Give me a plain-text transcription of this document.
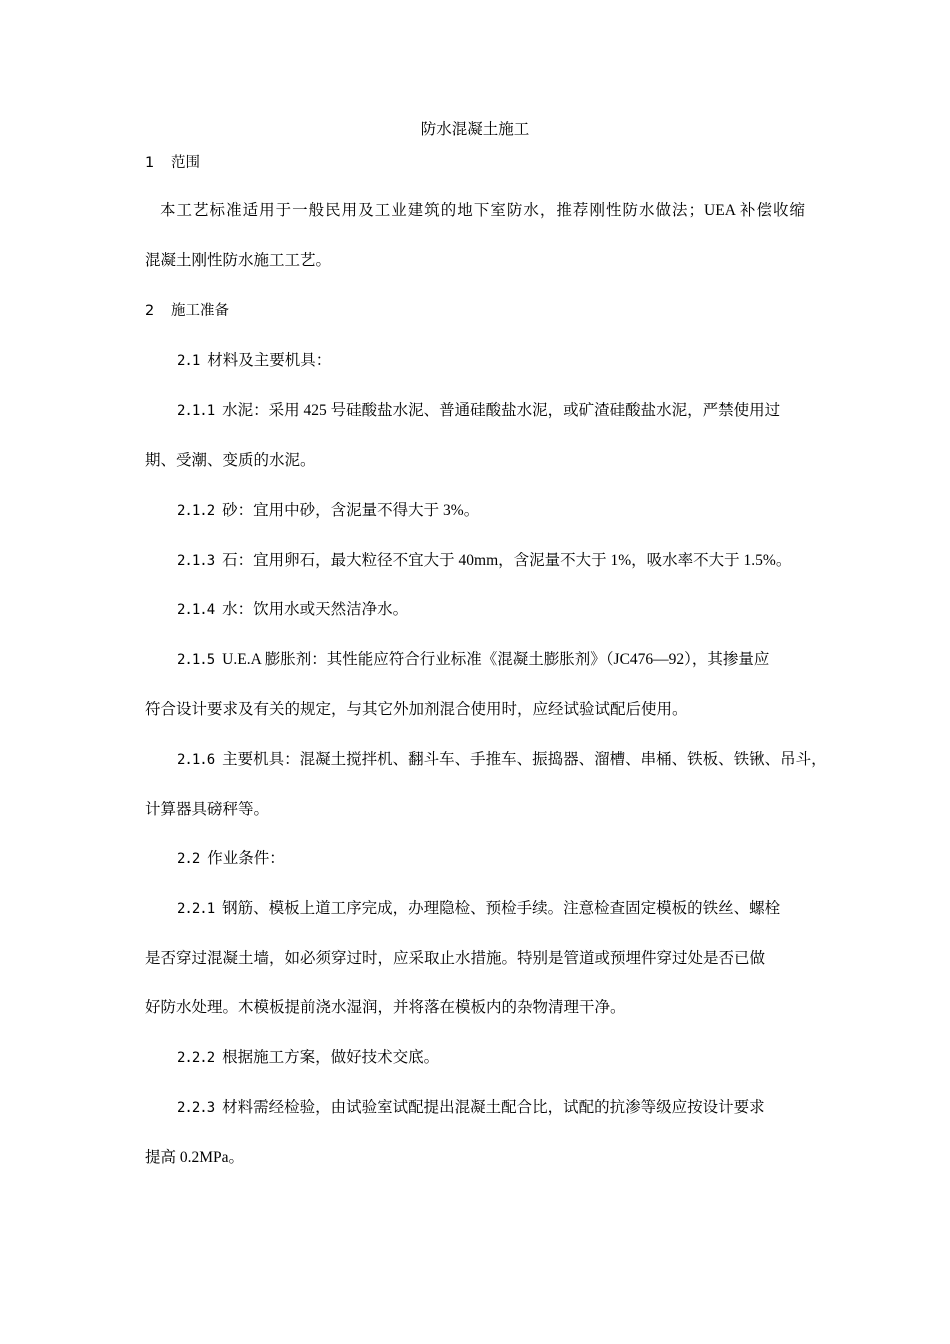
防水混凝土施工
1 范围
本工艺标准适用于一般民用及工业建筑的地下室防水，推荐刚性防水做法；UEA 补偿收缩
混凝土刚性防水施工工艺。
2 施工准备
2.1 材料及主要机具：
2.1.1 水泥：采用 425 号硅酸盐水泥、普通硅酸盐水泥，或矿渣硅酸盐水泥，严禁使用过
期、受潮、变质的水泥。
2.1.2 砂：宜用中砂，含泥量不得大于 3%。
2.1.3 石：宜用卵石，最大粒径不宜大于 40mm，含泥量不大于 1%，吸水率不大于 1.5%。
2.1.4 水：饮用水或天然洁净水。
2.1.5 U.E.A 膨胀剂：其性能应符合行业标准《混凝土膨胀剂》（JC476—92），其掺量应
符合设计要求及有关的规定，与其它外加剂混合使用时，应经试验试配后使用。
2.1.6 主要机具：混凝土搅拌机、翻斗车、手推车、振捣器、溜槽、串桶、铁板、铁锹、吊斗，
计算器具磅秤等。
2.2 作业条件：
2.2.1 钢筋、模板上道工序完成，办理隐检、预检手续。注意检查固定模板的铁丝、螺栓
是否穿过混凝土墙，如必须穿过时，应采取止水措施。特别是管道或预埋件穿过处是否已做
好防水处理。木模板提前浇水湿润，并将落在模板内的杂物清理干净。
2.2.2 根据施工方案，做好技术交底。
2.2.3 材料需经检验，由试验室试配提出混凝土配合比，试配的抗渗等级应按设计要求
提高 0.2MPa。
